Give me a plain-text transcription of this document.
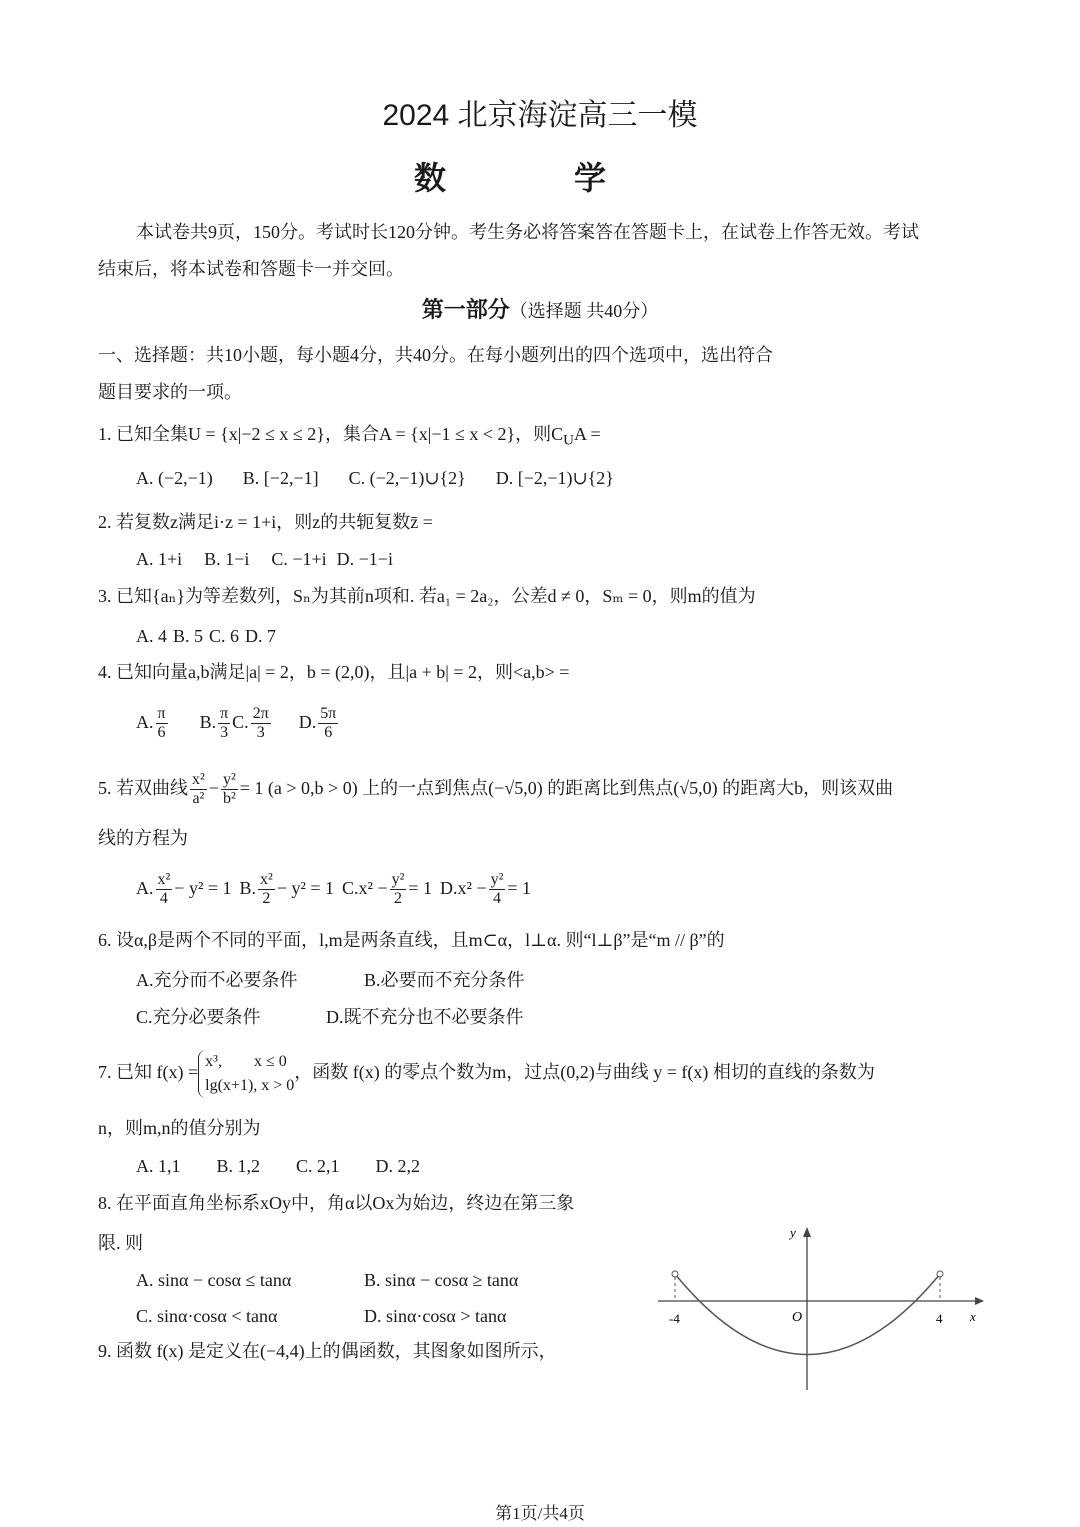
2024 北京海淀高三一模
数 学
本试卷共9页，150分。考试时长120分钟。考生务必将答案答在答题卡上，在试卷上作答无效。考试
结束后，将本试卷和答题卡一并交回。
第一部分（选择题 共40分）
一、选择题：共10小题，每小题4分，共40分。在每小题列出的四个选项中，选出符合
题目要求的一项。
1. 已知全集U = {x|−2 ≤ x ≤ 2}，集合A = {x|−1 ≤ x < 2}，则$C_UA$ =
A. (−2,−1) B. [−2,−1] C. (−2,−1)∪{2} D. [−2,−1)∪{2}
2. 若复数z满足i·z = 1+i，则z的共轭复数z̄ =
A. 1+i B. 1−i C. −1+i D. −1−i
3. 已知{aₙ}为等差数列，Sₙ为其前n项和. 若a₁ = 2a₂，公差d ≠ 0，Sₘ = 0，则m的值为
A. 4 B. 5 C. 6 D. 7
4. 已知向量a,b满足|a| = 2，b = (2,0)，且|a + b| = 2，则<a,b> =
A. $\frac{\pi}{6} B$. $\frac{\pi}{3} C$. $\frac{2\pi}{3} D$. $\frac{5\pi}{6}$
5. 若双曲线 $\frac{\text{x²}}{\text{a²}} - \frac{\text{y²}}{\text{b²}} = 1$ (a > 0,b > 0) 上的一点到焦点(−√5,0) 的距离比到焦点(√5,0) 的距离大b，则该双曲
线的方程为
A. $\frac{\text{x²}}{4} - y^2 = 1$ B. $\frac{\text{x²}}{2} - y^2 = 1$ $C.x^2 - \frac{\text{y²}}{2} = 1$ $D.x^2 - \frac{\text{y²}}{4} = 1$
6. 设α,β是两个不同的平面，l,m是两条直线，且m⊂α，l⊥α. 则“l⊥β”是“m // β”的
A.充分而不必要条件	B.必要而不充分条件
C.充分必要条件	D.既不充分也不必要条件
7. 已知 f(x) =
x³,        x ≤ 0
lg(x+1), x > 0
，函数 f(x) 的零点个数为m，过点(0,2)与曲线 y = f(x) 相切的直线的条数为
n，则m,n的值分别为
A. 1,1 B. 1,2 C. 2,1 D. 2,2
8. 在平面直角坐标系xOy中，角α以Ox为始边，终边在第三象
限. 则
A. sinα − cosα ≤ tanα	B. sinα − cosα ≥ tanα
C. sinα·cosα < tanα	D. sinα·cosα > tanα
9. 函数 f(x) 是定义在(−4,4)上的偶函数，其图象如图所示，
y
x
O
-4	4
第1页/共4页
